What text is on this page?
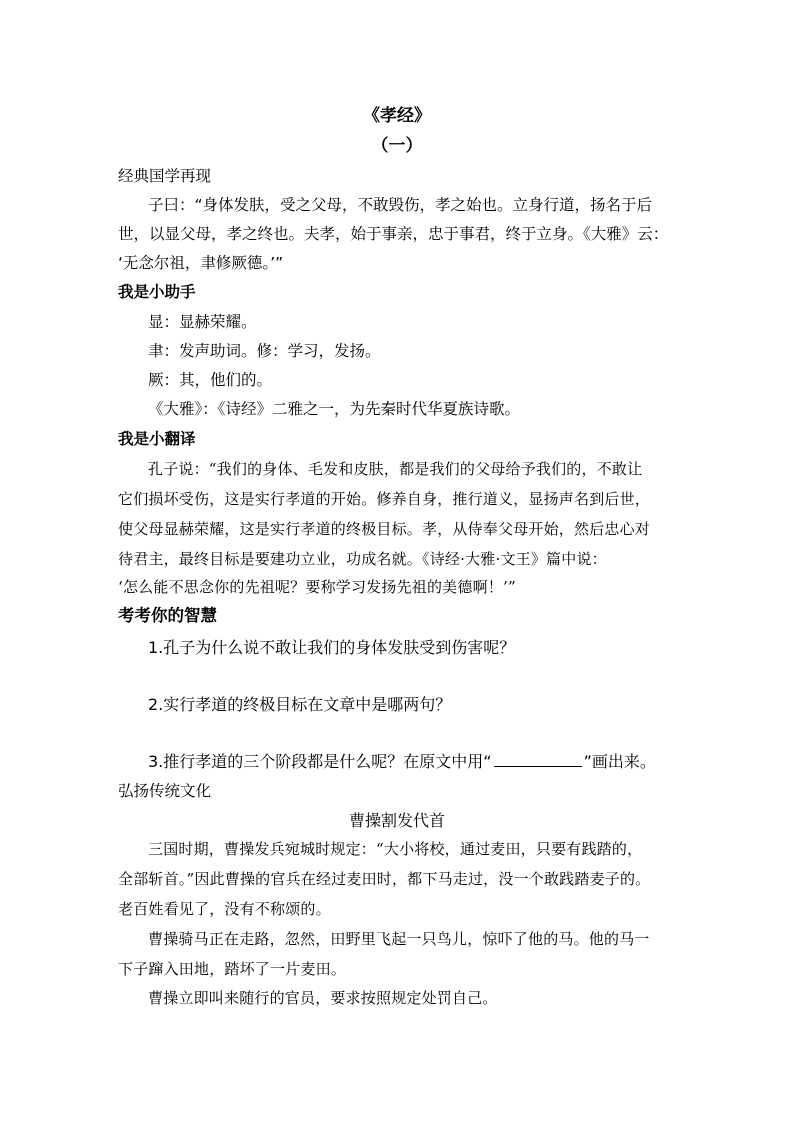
《孝经》
（一）
经典国学再现
子曰：“身体发肤，受之父母，不敢毁伤，孝之始也。立身行道，扬名于后
世，以显父母，孝之终也。夫孝，始于事亲，忠于事君，终于立身。《大雅》云：
‘无念尔祖，聿修厥德。’”
我是小助手
显：显赫荣耀。
聿：发声助词。修：学习，发扬。
厥：其，他们的。
《大雅》：《诗经》二雅之一，为先秦时代华夏族诗歌。
我是小翻译
孔子说：“我们的身体、毛发和皮肤，都是我们的父母给予我们的，不敢让
它们损坏受伤，这是实行孝道的开始。修养自身，推行道义，显扬声名到后世，
使父母显赫荣耀，这是实行孝道的终极目标。孝，从侍奉父母开始，然后忠心对
待君主，最终目标是要建功立业，功成名就。《诗经·大雅·文王》篇中说：
‘怎么能不思念你的先祖呢？要称学习发扬先祖的美德啊！’”
考考你的智慧
1.孔子为什么说不敢让我们的身体发肤受到伤害呢？
2.实行孝道的终极目标在文章中是哪两句？
3.推行孝道的三个阶段都是什么呢？在原文中用“	”画出来。
弘扬传统文化
曹操割发代首
三国时期，曹操发兵宛城时规定：“大小将校，通过麦田，只要有践踏的，
全部斩首。”因此曹操的官兵在经过麦田时，都下马走过，没一个敢践踏麦子的。
老百姓看见了，没有不称颂的。
曹操骑马正在走路，忽然，田野里飞起一只鸟儿，惊吓了他的马。他的马一
下子蹿入田地，踏坏了一片麦田。
曹操立即叫来随行的官员，要求按照规定处罚自己。
